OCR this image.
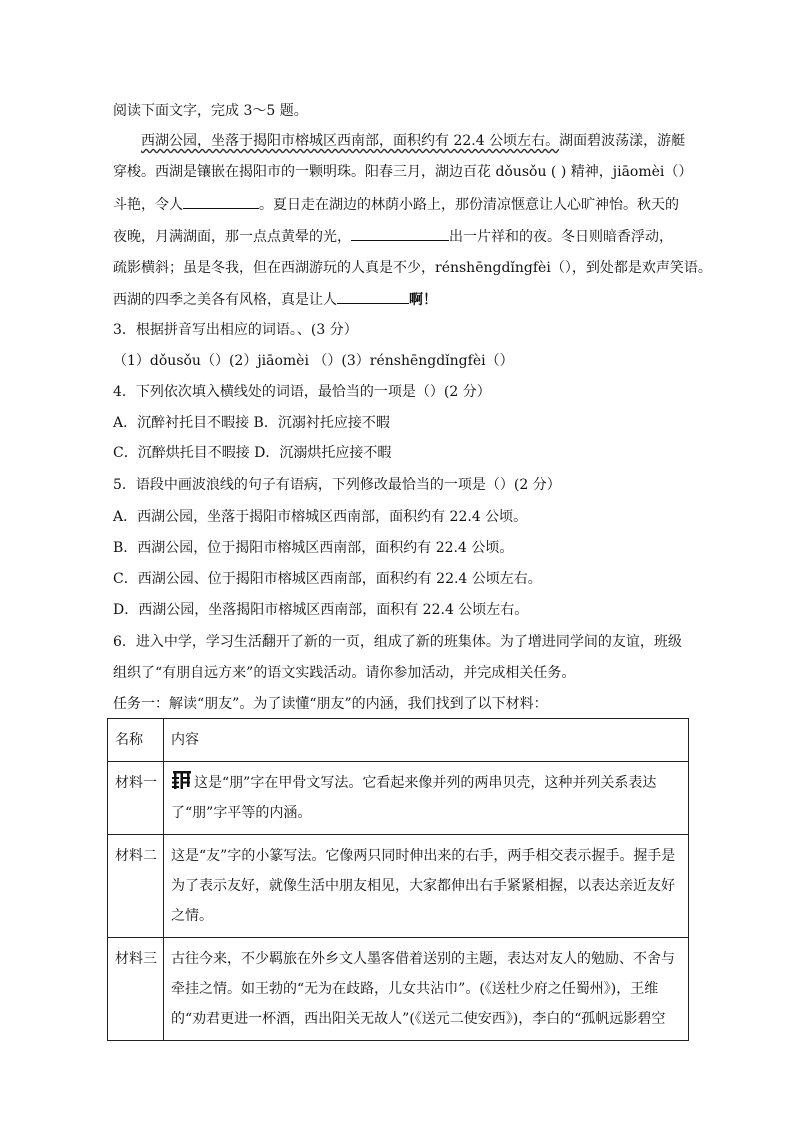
阅读下面文字，完成 3～5 题。
西湖公园，坐落于揭阳市榕城区西南部，面积约有 22.4 公顷左右。湖面碧波荡漾，游艇
穿梭。西湖是镶嵌在揭阳市的一颗明珠。阳春三月，湖边百花 dǒusǒu ( ) 精神，jiāomèi（）
斗艳，令人	。夏日走在湖边的林荫小路上，那份清凉惬意让人心旷神怡。秋天的
夜晚，月满湖面，那一点点黄晕的光，	出一片祥和的夜。冬日则暗香浮动，
疏影横斜；虽是冬我，但在西湖游玩的人真是不少，rénshēngdǐngfèi（），到处都是欢声笑语。
西湖的四季之美各有风格，真是让人	啊！
3．根据拼音写出相应的词语。、(3 分）
（1）dǒusǒu（）(2）jiāomèi （）(3）rénshēngdǐngfèi（）
4．下列依次填入横线处的词语，最恰当的一项是（）(2 分）
A．沉醉衬托目不暇接 B．沉溺衬托应接不暇
C．沉醉烘托目不暇接 D．沉溺烘托应接不暇
5．语段中画波浪线的句子有语病，下列修改最恰当的一项是（）(2 分）
A．西湖公园，坐落于揭阳市榕城区西南部，面积约有 22.4 公顷。
B．西湖公园，位于揭阳市榕城区西南部，面积约有 22.4 公顷。
C．西湖公园、位于揭阳市榕城区西南部，面积约有 22.4 公顷左右。
D．西湖公园，坐落揭阳市榕城区西南部，面积有 22.4 公顷左右。
6．进入中学，学习生活翻开了新的一页，组成了新的班集体。为了增进同学间的友谊，班级
组织了“有朋自远方来”的语文实践活动。请你参加活动，并完成相关任务。
任务一：解读“朋友”。为了读懂“朋友”的内涵，我们找到了以下材料：
名称	内容
材料一	这是“朋”字在甲骨文写法。它看起来像并列的两串贝壳，这种并列关系表达了“朋”字平等的内涵。
材料二	这是“友”字的小篆写法。它像两只同时伸出来的右手，两手相交表示握手。握手是为了表示友好，就像生活中朋友相见，大家都伸出右手紧紧相握，以表达亲近友好之情。
材料三	古往今来，不少羁旅在外乡文人墨客借着送别的主题，表达对友人的勉励、不舍与牵挂之情。如王勃的“无为在歧路，儿女共沾巾”。(《送杜少府之任蜀州》)，王维的“劝君更进一杯酒，西出阳关无故人”(《送元二使安西》)，李白的“孤帆远影碧空
